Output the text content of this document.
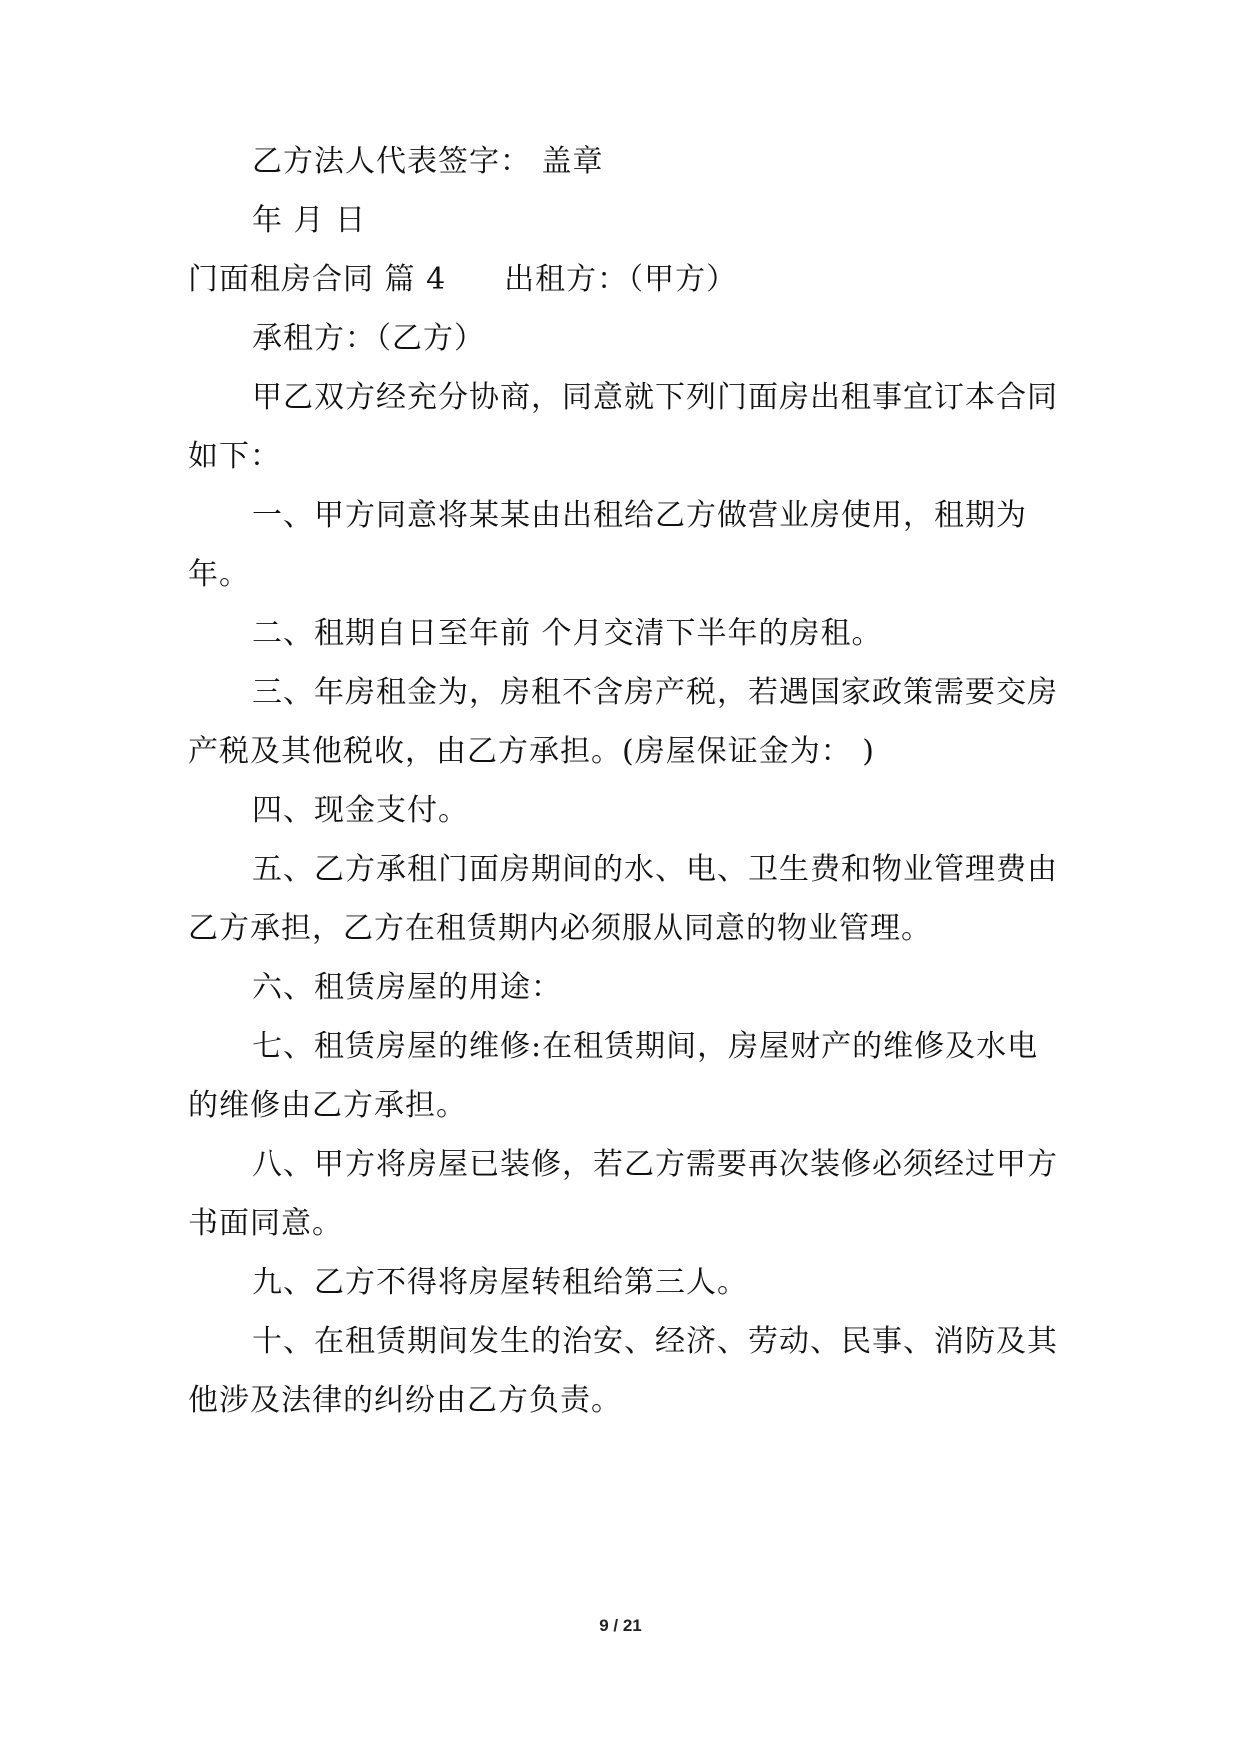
乙方法人代表签字： 盖章
年 月 日
门面租房合同 篇 4 出租方：（甲方）
承租方：（乙方）
甲乙双方经充分协商，同意就下列门面房出租事宜订本合同
如下：
一、甲方同意将某某由出租给乙方做营业房使用，租期为
年。
二、租期自日至年前 个月交清下半年的房租。
三、年房租金为，房租不含房产税，若遇国家政策需要交房
产税及其他税收，由乙方承担。(房屋保证金为： )
四、现金支付。
五、乙方承租门面房期间的水、电、卫生费和物业管理费由
乙方承担，乙方在租赁期内必须服从同意的物业管理。
六、租赁房屋的用途：
七、租赁房屋的维修:在租赁期间，房屋财产的维修及水电
的维修由乙方承担。
八、甲方将房屋已装修，若乙方需要再次装修必须经过甲方
书面同意。
九、乙方不得将房屋转租给第三人。
十、在租赁期间发生的治安、经济、劳动、民事、消防及其
他涉及法律的纠纷由乙方负责。
9 / 21
